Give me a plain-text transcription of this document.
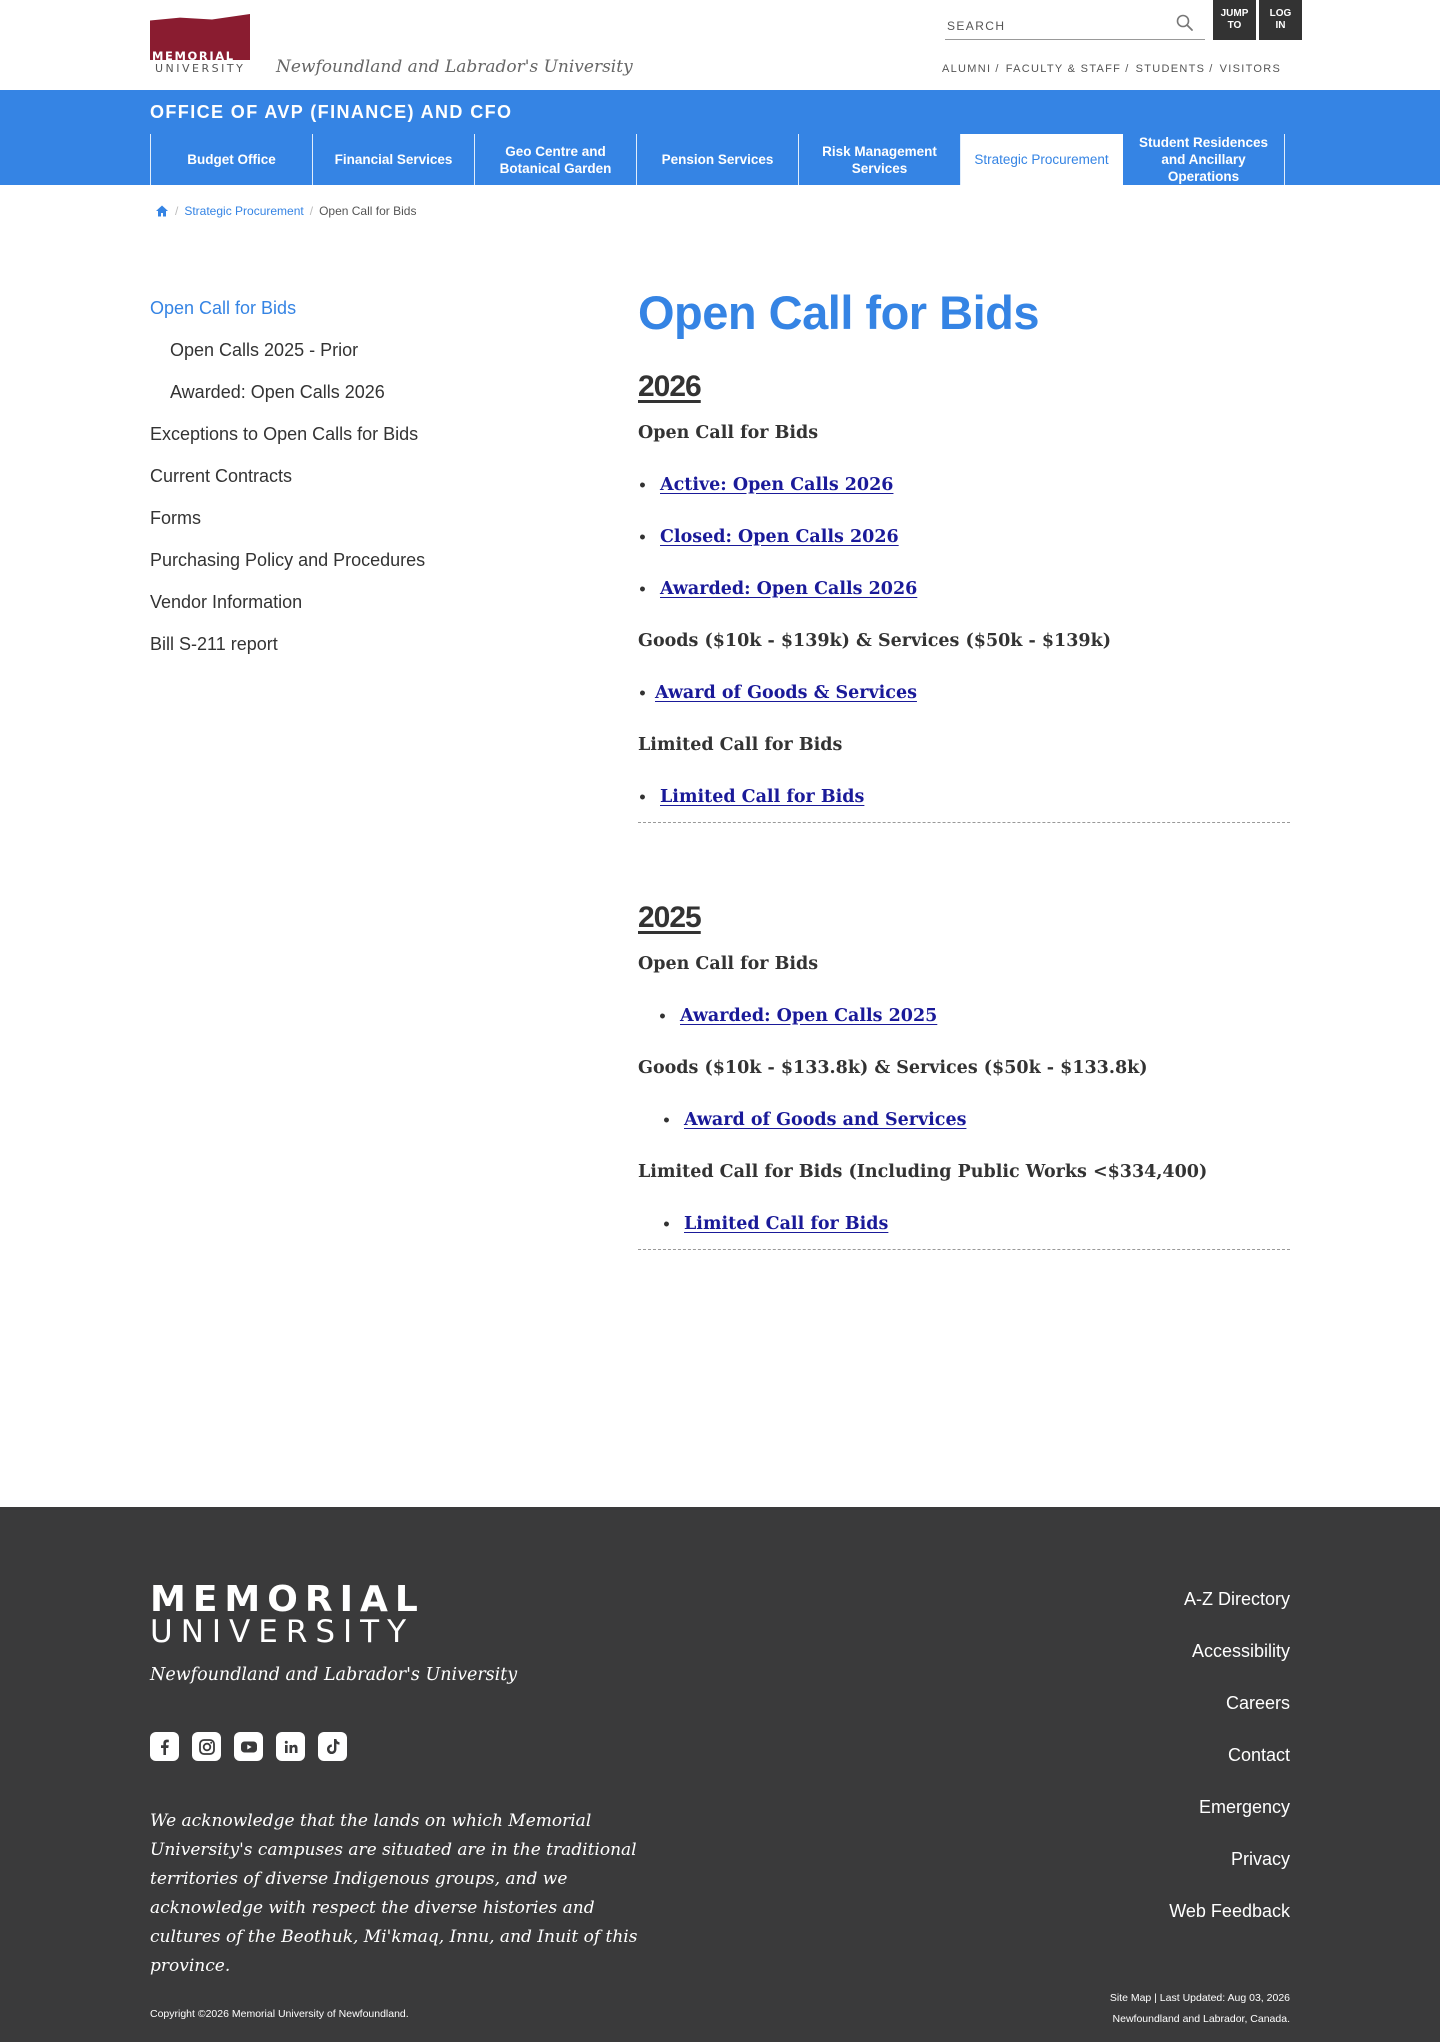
MEMORIAL
UNIVERSITY	Newfoundland and Labrador's University
SEARCH
JUMP
TO
LOG
IN
ALUMNI / FACULTY & STAFF / STUDENTS / VISITORS
OFFICE OF AVP (FINANCE) AND CFO
Budget Office	Financial Services
Geo Centre and Botanical Garden
Pension Services
Risk Management Services
Strategic Procurement
Student Residences and Ancillary Operations
/ Strategic Procurement / Open Call for Bids
Open Call for Bids
Open Calls 2025 - Prior
Awarded: Open Calls 2026
Exceptions to Open Calls for Bids
Current Contracts
Forms
Purchasing Policy and Procedures
Vendor Information
Bill S-211 report
Open Call for Bids
2026
Open Call for Bids
• Active: Open Calls 2026
• Closed: Open Calls 2026
• Awarded: Open Calls 2026
Goods ($10k - $139k) & Services ($50k - $139k)
• Award of Goods & Services
Limited Call for Bids
• Limited Call for Bids
2025
Open Call for Bids
• Awarded: Open Calls 2025
Goods ($10k - $133.8k) & Services ($50k - $133.8k)
• Award of Goods and Services
Limited Call for Bids (Including Public Works <$334,400)
• Limited Call for Bids
MEMORIAL
UNIVERSITY
Newfoundland and Labrador's University
We acknowledge that the lands on which Memorial University's campuses are situated are in the traditional territories of diverse Indigenous groups, and we acknowledge with respect the diverse histories and cultures of the Beothuk, Mi'kmaq, Innu, and Inuit of this province.
A-Z Directory
Accessibility
Careers
Contact
Emergency
Privacy
Web Feedback
Copyright ©2026 Memorial University of Newfoundland.
Site Map | Last Updated: Aug 03, 2026
Newfoundland and Labrador, Canada.
